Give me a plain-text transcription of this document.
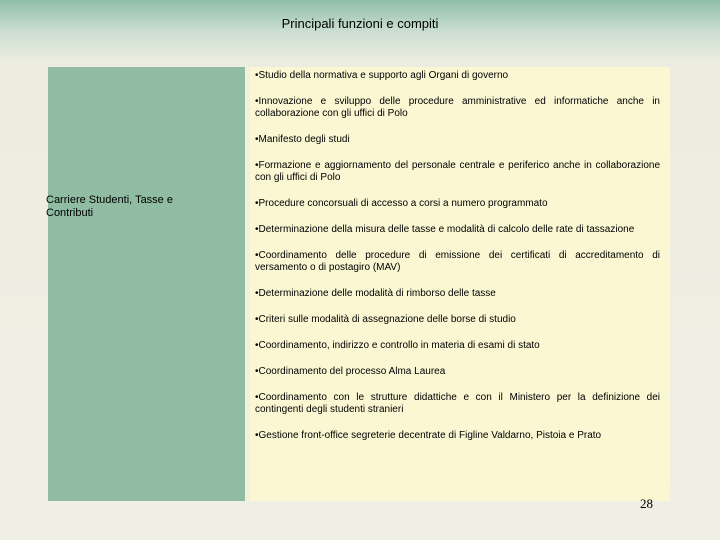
Principali funzioni e compiti
•Studio della normativa e supporto agli Organi di governo
•Innovazione e sviluppo delle procedure amministrative ed informatiche anche in collaborazione con gli uffici di Polo
•Manifesto degli studi
•Formazione e aggiornamento del personale centrale e periferico anche in collaborazione con gli uffici di Polo
•Procedure concorsuali di accesso a corsi a numero programmato
•Determinazione della misura delle tasse e modalità di calcolo delle rate di tassazione
•Coordinamento delle procedure di emissione dei certificati di accreditamento di versamento o di postagiro (MAV)
•Determinazione delle modalità di rimborso delle tasse
•Criteri sulle modalità di assegnazione delle borse di studio
•Coordinamento, indirizzo e controllo in materia di esami di stato
•Coordinamento del processo Alma Laurea
•Coordinamento con le strutture didattiche e con il Ministero per la definizione dei contingenti degli studenti stranieri
•Gestione front-office segreterie decentrate di Figline Valdarno, Pistoia e Prato
Carriere Studenti, Tasse e Contributi
28
